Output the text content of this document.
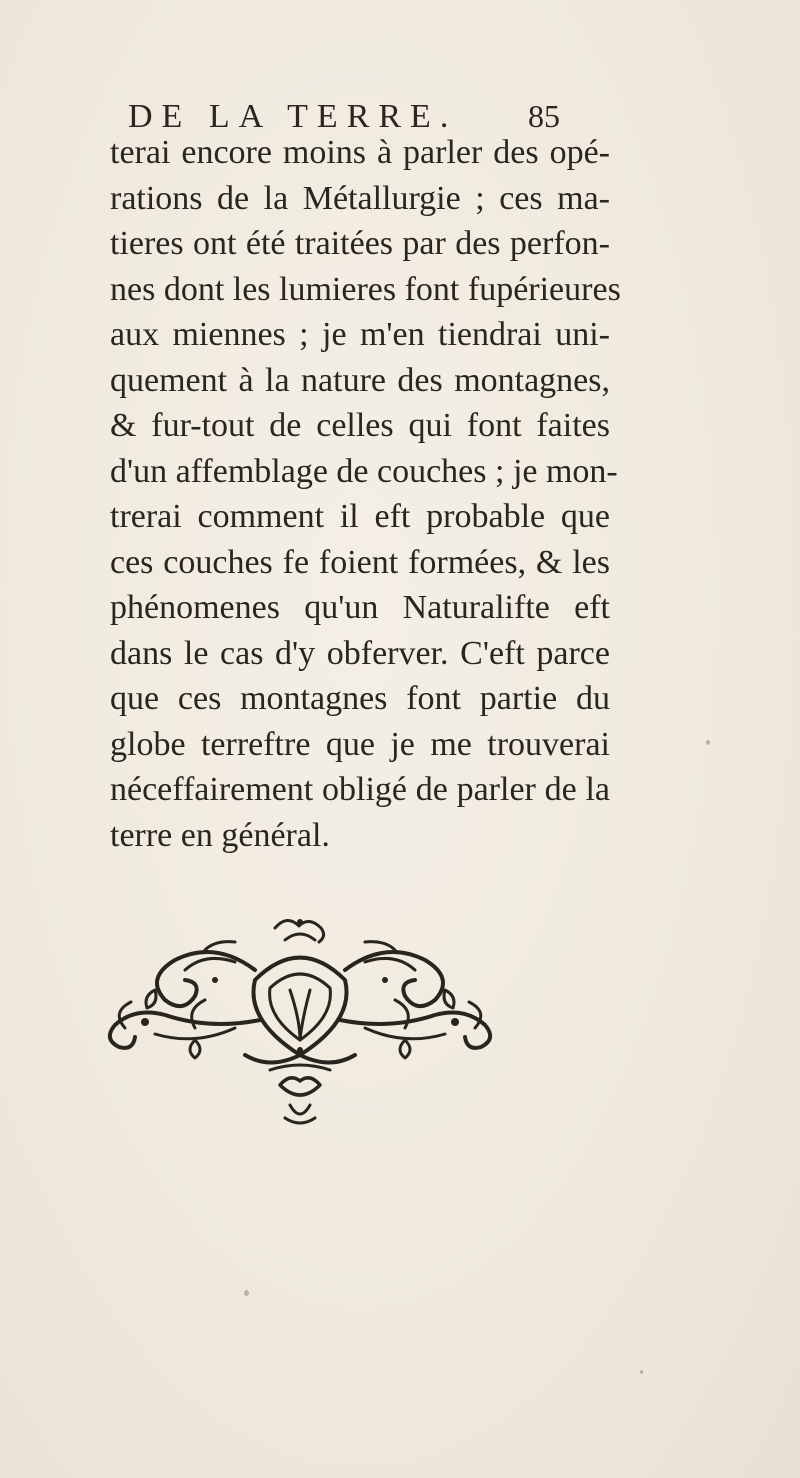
DE LA TERRE.	85
terai encore moins à parler des opé-
rations de la Métallurgie ; ces ma-
tieres ont été traitées par des perfon-
nes dont les lumieres font fupérieures
aux miennes ; je m'en tiendrai uni-
quement à la nature des montagnes,
& fur-tout de celles qui font faites
d'un affemblage de couches ; je mon-
trerai comment il eft probable que
ces couches fe foient formées, & les
phénomenes qu'un Naturalifte eft
dans le cas d'y obferver. C'eft parce
que ces montagnes font partie du
globe terreftre que je me trouverai
néceffairement obligé de parler de la
terre en général.
